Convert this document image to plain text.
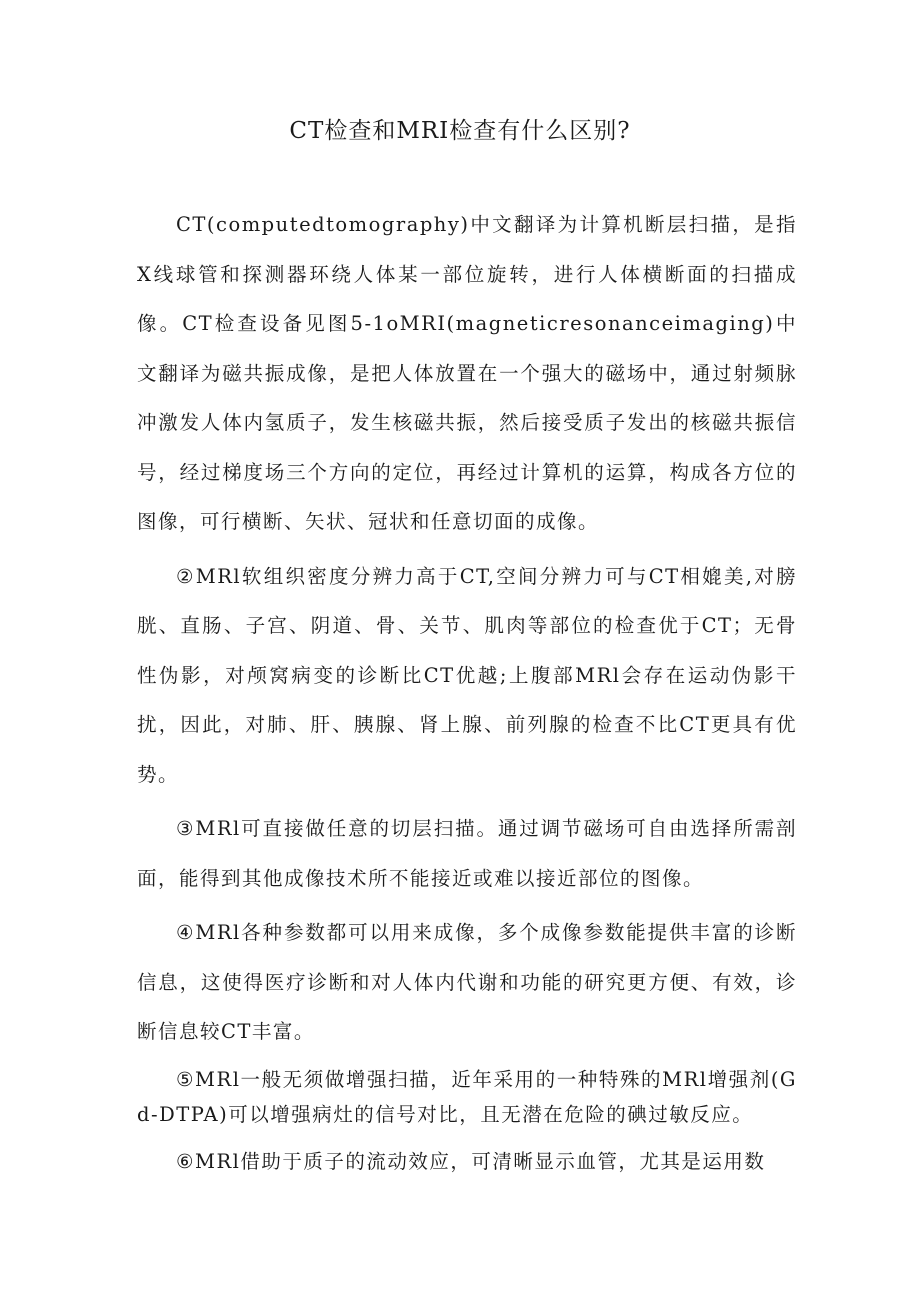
CT检查和MRI检查有什么区别?

CT(computedtomography)中文翻译为计算机断层扫描，是指X线球管和探测器环绕人体某一部位旋转，进行人体横断面的扫描成像。CT检查设备见图5-1oMRI(magneticresonanceimaging)中文翻译为磁共振成像，是把人体放置在一个强大的磁场中，通过射频脉冲激发人体内氢质子，发生核磁共振，然后接受质子发出的核磁共振信号，经过梯度场三个方向的定位，再经过计算机的运算，构成各方位的图像，可行横断、矢状、冠状和任意切面的成像。

②MRl软组织密度分辨力高于CT,空间分辨力可与CT相媲美,对膀胱、直肠、子宫、阴道、骨、关节、肌肉等部位的检查优于CT；无骨性伪影，对颅窝病变的诊断比CT优越;上腹部MRl会存在运动伪影干扰，因此，对肺、肝、胰腺、肾上腺、前列腺的检查不比CT更具有优势。

③MRl可直接做任意的切层扫描。通过调节磁场可自由选择所需剖面，能得到其他成像技术所不能接近或难以接近部位的图像。

④MRl各种参数都可以用来成像，多个成像参数能提供丰富的诊断信息，这使得医疗诊断和对人体内代谢和功能的研究更方便、有效，诊断信息较CT丰富。

⑤MRl一般无须做增强扫描，近年采用的一种特殊的MRl增强剂(Gd-DTPA)可以增强病灶的信号对比，且无潜在危险的碘过敏反应。

⑥MRl借助于质子的流动效应，可清晰显示血管，尤其是运用数
